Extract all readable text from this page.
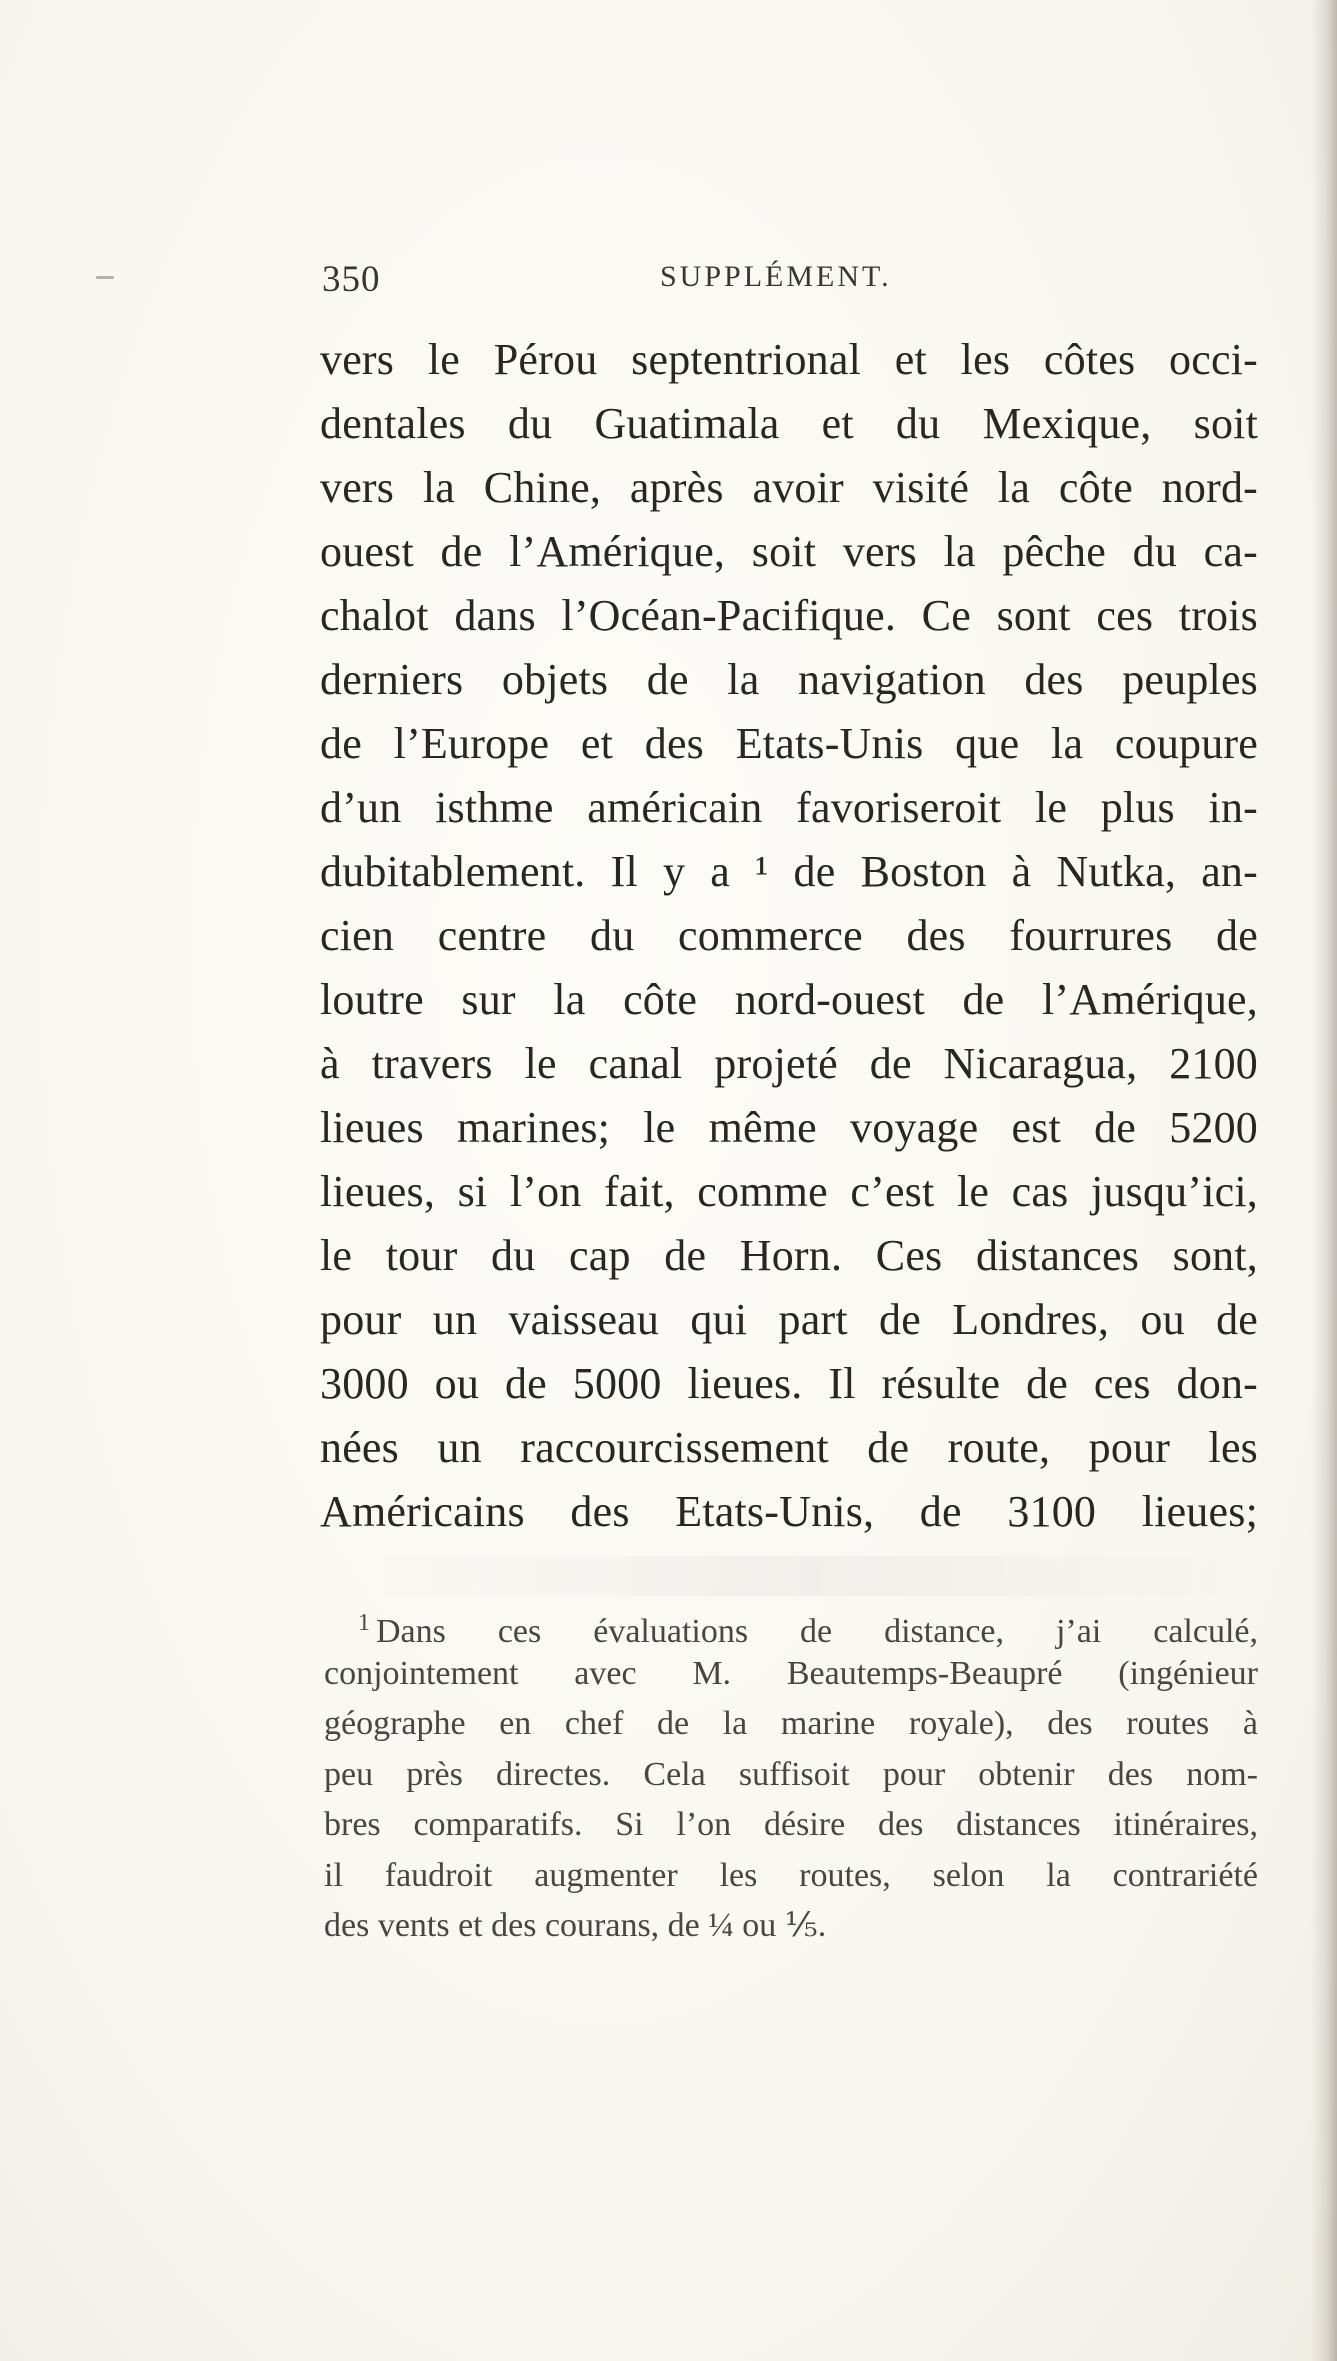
350	SUPPLÉMENT.
vers le Pérou septentrional et les côtes occi-
dentales du Guatimala et du Mexique, soit
vers la Chine, après avoir visité la côte nord-
ouest de l’Amérique, soit vers la pêche du ca-
chalot dans l’Océan-Pacifique. Ce sont ces trois
derniers objets de la navigation des peuples
de l’Europe et des Etats-Unis que la coupure
d’un isthme américain favoriseroit le plus in-
dubitablement. Il y a ¹ de Boston à Nutka, an-
cien centre du commerce des fourrures de
loutre sur la côte nord-ouest de l’Amérique,
à travers le canal projeté de Nicaragua, 2100
lieues marines; le même voyage est de 5200
lieues, si l’on fait, comme c’est le cas jusqu’ici,
le tour du cap de Horn. Ces distances sont,
pour un vaisseau qui part de Londres, ou de
3000 ou de 5000 lieues. Il résulte de ces don-
nées un raccourcissement de route, pour les
Américains des Etats-Unis, de 3100 lieues;
$^1$ Dans ces évaluations de distance, j’ai calculé,
conjointement avec M. Beautemps-Beaupré (ingénieur
géographe en chef de la marine royale), des routes à
peu près directes. Cela suffisoit pour obtenir des nom-
bres comparatifs. Si l’on désire des distances itinéraires,
il faudroit augmenter les routes, selon la contrariété
des vents et des courans, de ¼ ou ⅕.
